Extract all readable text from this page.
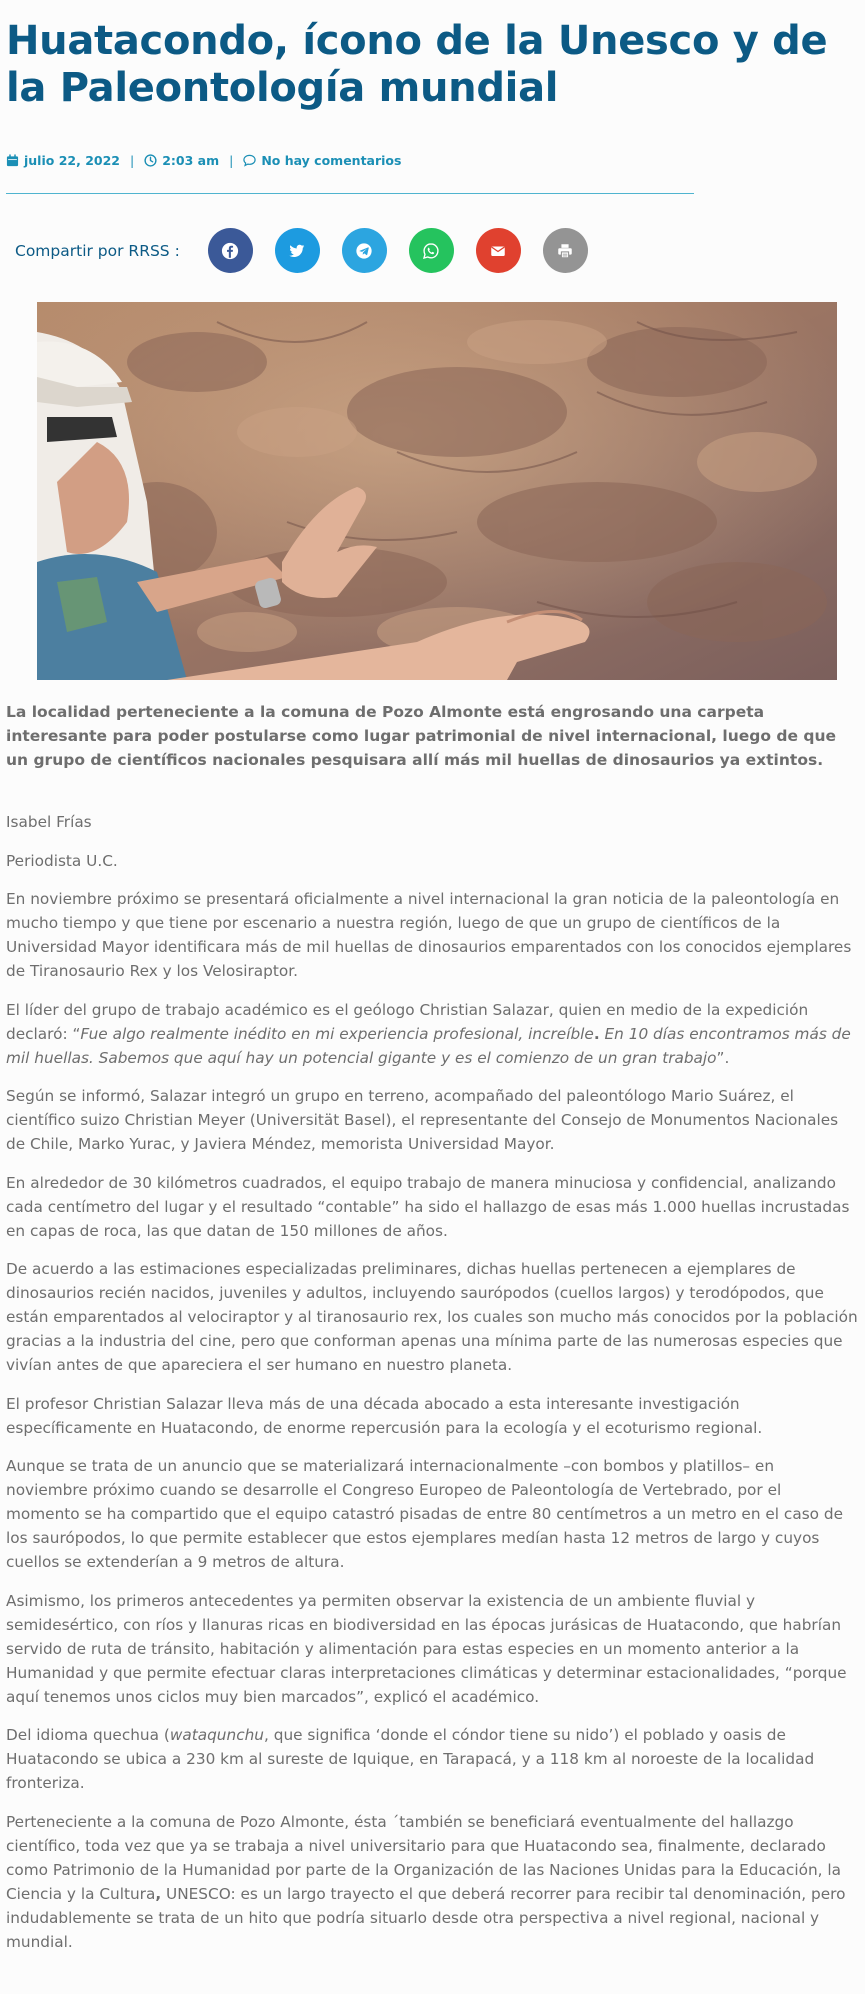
Huatacondo, ícono de la Unesco y de la Paleontología mundial
julio 22, 2022 | 2:03 am | No hay comentarios
Compartir por RRSS :

La localidad perteneciente a la comuna de Pozo Almonte está engrosando una carpeta interesante para poder postularse como lugar patrimonial de nivel internacional, luego de que un grupo de científicos nacionales pesquisara allí más mil huellas de dinosaurios ya extintos.

Isabel Frías

Periodista U.C.

En noviembre próximo se presentará oficialmente a nivel internacional la gran noticia de la paleontología en mucho tiempo y que tiene por escenario a nuestra región, luego de que un grupo de científicos de la Universidad Mayor identificara más de mil huellas de dinosaurios emparentados con los conocidos ejemplares de Tiranosaurio Rex y los Velosiraptor.

El líder del grupo de trabajo académico es el geólogo Christian Salazar, quien en medio de la expedición declaró: “Fue algo realmente inédito en mi experiencia profesional, increíble. En 10 días encontramos más de mil huellas. Sabemos que aquí hay un potencial gigante y es el comienzo de un gran trabajo”.

Según se informó, Salazar integró un grupo en terreno, acompañado del paleontólogo Mario Suárez, el científico suizo Christian Meyer (Universität Basel), el representante del Consejo de Monumentos Nacionales de Chile, Marko Yurac, y Javiera Méndez, memorista Universidad Mayor.

En alrededor de 30 kilómetros cuadrados, el equipo trabajo de manera minuciosa y confidencial, analizando cada centímetro del lugar y el resultado “contable” ha sido el hallazgo de esas más 1.000 huellas incrustadas en capas de roca, las que datan de 150 millones de años.

De acuerdo a las estimaciones especializadas preliminares, dichas huellas pertenecen a ejemplares de dinosaurios recién nacidos, juveniles y adultos, incluyendo saurópodos (cuellos largos) y terodópodos, que están emparentados al velociraptor y al tiranosaurio rex, los cuales son mucho más conocidos por la población gracias a la industria del cine, pero que conforman apenas una mínima parte de las numerosas especies que vivían antes de que apareciera el ser humano en nuestro planeta.

El profesor Christian Salazar lleva más de una década abocado a esta interesante investigación específicamente en Huatacondo, de enorme repercusión para la ecología y el ecoturismo regional.

Aunque se trata de un anuncio que se materializará internacionalmente –con bombos y platillos– en noviembre próximo cuando se desarrolle el Congreso Europeo de Paleontología de Vertebrado, por el momento se ha compartido que el equipo catastró pisadas de entre 80 centímetros a un metro en el caso de los saurópodos, lo que permite establecer que estos ejemplares medían hasta 12 metros de largo y cuyos cuellos se extenderían a 9 metros de altura.

Asimismo, los primeros antecedentes ya permiten observar la existencia de un ambiente fluvial y semidesértico, con ríos y llanuras ricas en biodiversidad en las épocas jurásicas de Huatacondo, que habrían servido de ruta de tránsito, habitación y alimentación para estas especies en un momento anterior a la Humanidad y que permite efectuar claras interpretaciones climáticas y determinar estacionalidades, “porque aquí tenemos unos ciclos muy bien marcados”, explicó el académico.

Del idioma quechua (wataqunchu, que significa ‘donde el cóndor tiene su nido’) el poblado y oasis de Huatacondo se ubica a 230 km al sureste de Iquique, en Tarapacá, y a 118 km al noroeste de la localidad fronteriza.

Perteneciente a la comuna de Pozo Almonte, ésta ´también se beneficiará eventualmente del hallazgo científico, toda vez que ya se trabaja a nivel universitario para que Huatacondo sea, finalmente, declarado como Patrimonio de la Humanidad por parte de la Organización de las Naciones Unidas para la Educación, la Ciencia y la Cultura, UNESCO: es un largo trayecto el que deberá recorrer para recibir tal denominación, pero indudablemente se trata de un hito que podría situarlo desde otra perspectiva a nivel regional, nacional y mundial.
